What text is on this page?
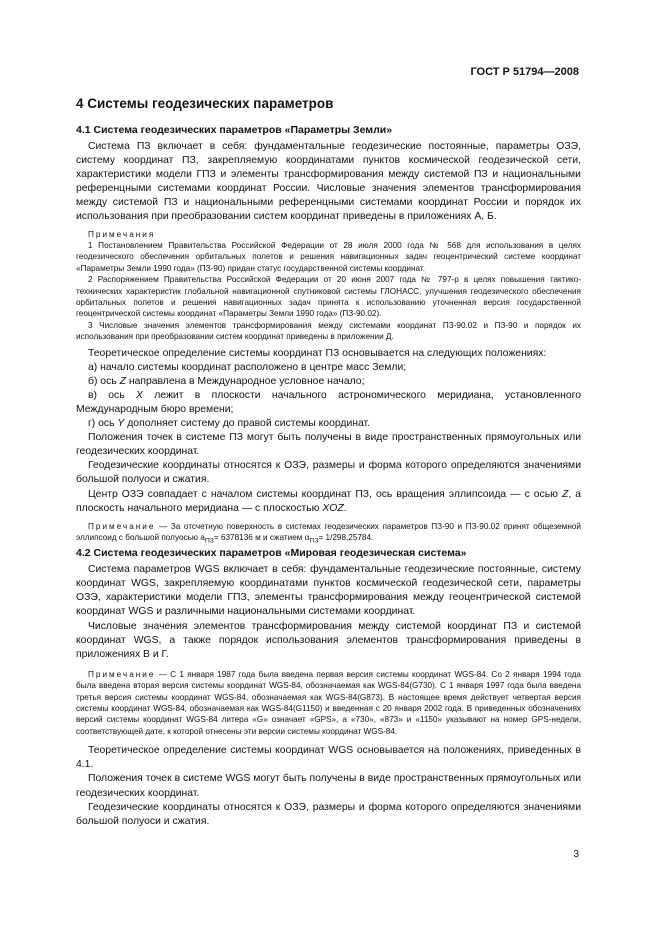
ГОСТ Р 51794—2008
4 Системы геодезических параметров
4.1 Система геодезических параметров «Параметры Земли»

Система ПЗ включает в себя: фундаментальные геодезические постоянные, параметры ОЗЭ, систему координат ПЗ, закрепляемую координатами пунктов космической геодезической сети, характеристики модели ГПЗ и элементы трансформирования между системой ПЗ и национальными референцными системами координат России. Числовые значения элементов трансформирования между системой ПЗ и национальными референцными системами координат России и порядок их использования при преобразовании систем координат приведены в приложениях А, Б.

Примечания

1 Постановлением Правительства Российской Федерации от 28 июля 2000 года № 568 для использования в целях геодезического обеспечения орбитальных полетов и решения навигационных задач геоцентрический системе координат «Параметры Земли 1990 года» (ПЗ-90) придан статус государственной системы координат.

2 Распоряжением Правительства Российской Федерации от 20 июня 2007 года № 797-р в целях повышения тактико-технических характеристик глобальной навигационной спутниковой системы ГЛОНАСС, улучшения геодезического обеспечения орбитальных полетов и решения навигационных задач принята к использованию уточненная версия государственной геоцентрической системы координат «Параметры Земли 1990 года» (ПЗ-90.02).

3 Числовые значения элементов трансформирования между системами координат ПЗ-90.02 и ПЗ-90 и порядок их использования при преобразовании систем координат приведены в приложении Д.

Теоретическое определение системы координат ПЗ основывается на следующих положениях:

а) начало системы координат расположено в центре масс Земли;

б) ось Z направлена в Международное условное начало;

в) ось X лежит в плоскости начального астрономического меридиана, установленного Международным бюро времени;

г) ось Y дополняет систему до правой системы координат.

Положения точек в системе ПЗ могут быть получены в виде пространственных прямоугольных или геодезических координат.

Геодезические координаты относятся к ОЗЭ, размеры и форма которого определяются значениями большой полуоси и сжатия.

Центр ОЗЭ совпадает с началом системы координат ПЗ, ось вращения эллипсоида — с осью Z, а плоскость начального меридиана — с плоскостью XOZ.

Примечание — За отсчетную поверхность в системах геодезических параметров ПЗ-90 и ПЗ-90.02 принят общеземной эллипсоид с большой полуосью $a_{ПЗ}= 6378136$ м и сжатием $\alpha_{ПЗ}= 1/298,25784$.

4.2 Система геодезических параметров «Мировая геодезическая система»

Система параметров WGS включает в себя: фундаментальные геодезические постоянные, систему координат WGS, закрепляемую координатами пунктов космической геодезической сети, параметры ОЗЭ, характеристики модели ГПЗ, элементы трансформирования между геоцентрической системой координат WGS и различными национальными системами координат.

Числовые значения элементов трансформирования между системой координат ПЗ и системой координат WGS, а также порядок использования элементов трансформирования приведены в приложениях В и Г.

Примечание — С 1 января 1987 года была введена первая версия системы координат WGS-84. Со 2 января 1994 года была введена вторая версия системы координат WGS-84, обозначаемая как WGS-84(G730). С 1 января 1997 года была введена третья версия системы координат WGS-84, обозначаемая как WGS-84(G873). В настоящее время действует четвертая версия системы координат WGS-84, обозначаемая как WGS-84(G1150) и введенная с 20 января 2002 года. В приведенных обозначениях версий системы координат WGS-84 литера «G» означает «GPS», а «730», «873» и «1150» указывают на номер GPS-недели, соответствующей дате, к которой отнесены эти версии системы координат WGS-84.

Теоретическое определение системы координат WGS основывается на положениях, приведенных в 4.1.

Положения точек в системе WGS могут быть получены в виде пространственных прямоугольных или геодезических координат.

Геодезические координаты относятся к ОЗЭ, размеры и форма которого определяются значениями большой полуоси и сжатия.

3
